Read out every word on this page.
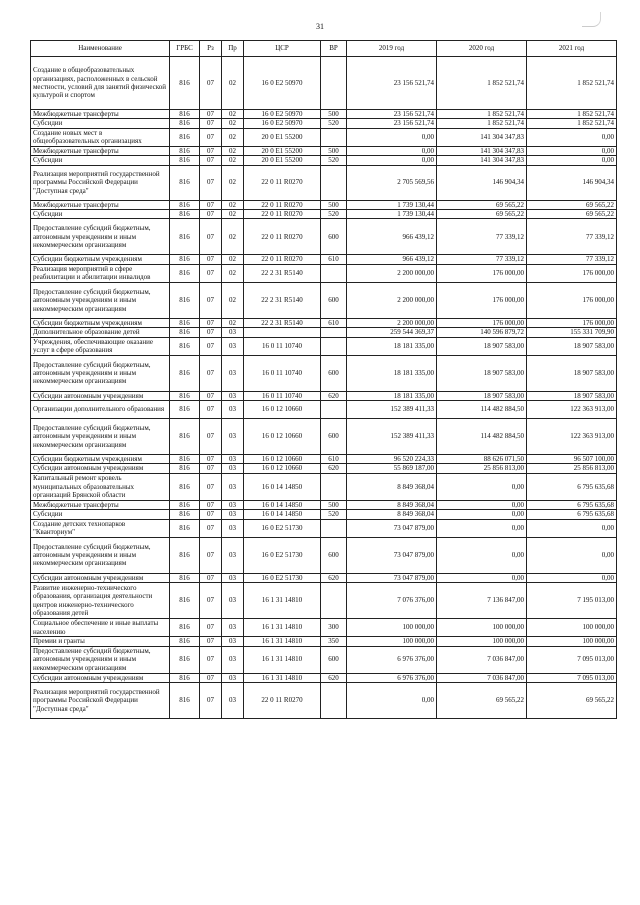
31
Наименование	ГРБС	Рз	Пр	ЦСР	ВР	2019 год	2020 год	2021 год
Создание в общеобразовательных организациях, расположенных в сельской местности, условий для занятий физической культурой и спортом	816	07	02	16 0 E2 50970		23 156 521,74	1 852 521,74	1 852 521,74
Межбюджетные трансферты	816	07	02	16 0 E2 50970	500	23 156 521,74	1 852 521,74	1 852 521,74
Субсидии	816	07	02	16 0 E2 50970	520	23 156 521,74	1 852 521,74	1 852 521,74
Создание новых мест в общеобразовательных организациях	816	07	02	20 0 E1 55200		0,00	141 304 347,83	0,00
Межбюджетные трансферты	816	07	02	20 0 E1 55200	500	0,00	141 304 347,83	0,00
Субсидии	816	07	02	20 0 E1 55200	520	0,00	141 304 347,83	0,00
Реализация мероприятий государственной программы Российской Федерации "Доступная среда"	816	07	02	22 0 11 R0270		2 705 569,56	146 904,34	146 904,34
Межбюджетные трансферты	816	07	02	22 0 11 R0270	500	1 739 130,44	69 565,22	69 565,22
Субсидии	816	07	02	22 0 11 R0270	520	1 739 130,44	69 565,22	69 565,22
Предоставление субсидий бюджетным, автономным учреждениям и иным некоммерческим организациям	816	07	02	22 0 11 R0270	600	966 439,12	77 339,12	77 339,12
Субсидии бюджетным учреждениям	816	07	02	22 0 11 R0270	610	966 439,12	77 339,12	77 339,12
Реализация мероприятий в сфере реабилитации и абилитации инвалидов	816	07	02	22 2 31 R5140		2 200 000,00	176 000,00	176 000,00
Предоставление субсидий бюджетным, автономным учреждениям и иным некоммерческим организациям	816	07	02	22 2 31 R5140	600	2 200 000,00	176 000,00	176 000,00
Субсидии бюджетным учреждениям	816	07	02	22 2 31 R5140	610	2 200 000,00	176 000,00	176 000,00
Дополнительное образование детей	816	07	03			259 544 369,37	140 596 879,72	155 331 709,90
Учреждения, обеспечивающие оказание услуг в сфере образования	816	07	03	16 0 11 10740		18 181 335,00	18 907 583,00	18 907 583,00
Предоставление субсидий бюджетным, автономным учреждениям и иным некоммерческим организациям	816	07	03	16 0 11 10740	600	18 181 335,00	18 907 583,00	18 907 583,00
Субсидии автономным учреждениям	816	07	03	16 0 11 10740	620	18 181 335,00	18 907 583,00	18 907 583,00
Организации дополнительного образования	816	07	03	16 0 12 10660		152 389 411,33	114 482 884,50	122 363 913,00
Предоставление субсидий бюджетным, автономным учреждениям и иным некоммерческим организациям	816	07	03	16 0 12 10660	600	152 389 411,33	114 482 884,50	122 363 913,00
Субсидии бюджетным учреждениям	816	07	03	16 0 12 10660	610	96 520 224,33	88 626 071,50	96 507 100,00
Субсидии автономным учреждениям	816	07	03	16 0 12 10660	620	55 869 187,00	25 856 813,00	25 856 813,00
Капитальный ремонт кровель муниципальных образовательных организаций Брянской области	816	07	03	16 0 14 14850		8 849 368,04	0,00	6 795 635,68
Межбюджетные трансферты	816	07	03	16 0 14 14850	500	8 849 368,04	0,00	6 795 635,68
Субсидии	816	07	03	16 0 14 14850	520	8 849 368,04	0,00	6 795 635,68
Создание детских технопарков "Кванториум"	816	07	03	16 0 E2 51730		73 047 879,00	0,00	0,00
Предоставление субсидий бюджетным, автономным учреждениям и иным некоммерческим организациям	816	07	03	16 0 E2 51730	600	73 047 879,00	0,00	0,00
Субсидии автономным учреждениям	816	07	03	16 0 E2 51730	620	73 047 879,00	0,00	0,00
Развитие инженерно-технического образования, организация деятельности центров инженерно-технического образования детей	816	07	03	16 1 31 14810		7 076 376,00	7 136 847,00	7 195 013,00
Социальное обеспечение и иные выплаты населению	816	07	03	16 1 31 14810	300	100 000,00	100 000,00	100 000,00
Премии и гранты	816	07	03	16 1 31 14810	350	100 000,00	100 000,00	100 000,00
Предоставление субсидий бюджетным, автономным учреждениям и иным некоммерческим организациям	816	07	03	16 1 31 14810	600	6 976 376,00	7 036 847,00	7 095 013,00
Субсидии автономным учреждениям	816	07	03	16 1 31 14810	620	6 976 376,00	7 036 847,00	7 095 013,00
Реализация мероприятий государственной программы Российской Федерации "Доступная среда"	816	07	03	22 0 11 R0270		0,00	69 565,22	69 565,22
